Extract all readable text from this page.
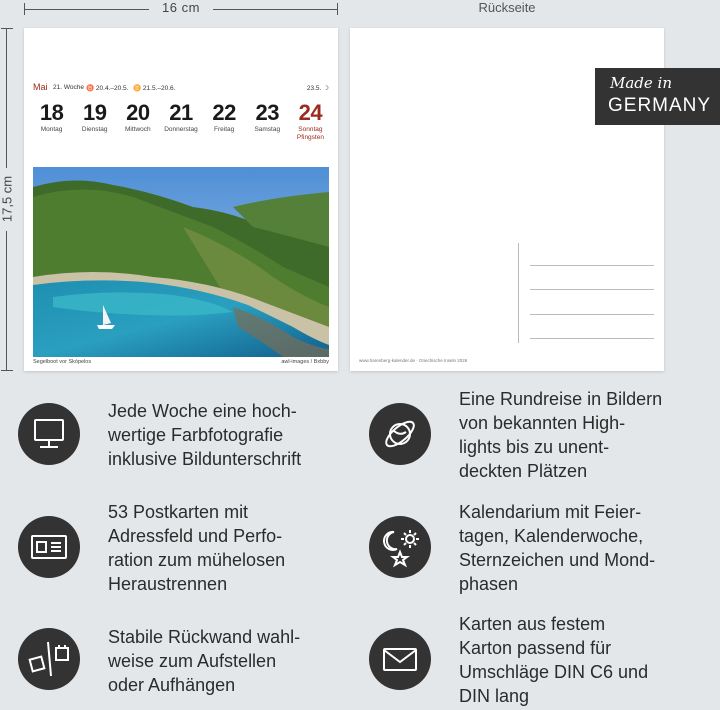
16 cm
17,5 cm
Rückseite
Mai 21. Woche ♉ 20.4.–20.5. ♊ 21.5.–20.6.	23.5. ☽
18
Montag
19
Dienstag
20
Mittwoch
21
Donnerstag
22
Freitag
23
Samstag
24
Sonntag
Pfingsten
Segelboot vor Skópelos	awl-images / Bxbby	www.harenberg-kalender.de · Griechische Inseln 2026
Made in
GERMANY
Jede Woche eine hoch-
wertige Farbfotografie
inklusive Bildunterschrift
Eine Rundreise in Bildern
von bekannten High-
lights bis zu unent-
deckten Plätzen
53 Postkarten mit
Adressfeld und Perfo-
ration zum mühelosen
Heraustrennen
Kalendarium mit Feier-
tagen, Kalenderwoche,
Sternzeichen und Mond-
phasen
Stabile Rückwand wahl-
weise zum Aufstellen
oder Aufhängen
Karten aus festem
Karton passend für
Umschläge DIN C6 und
DIN lang
